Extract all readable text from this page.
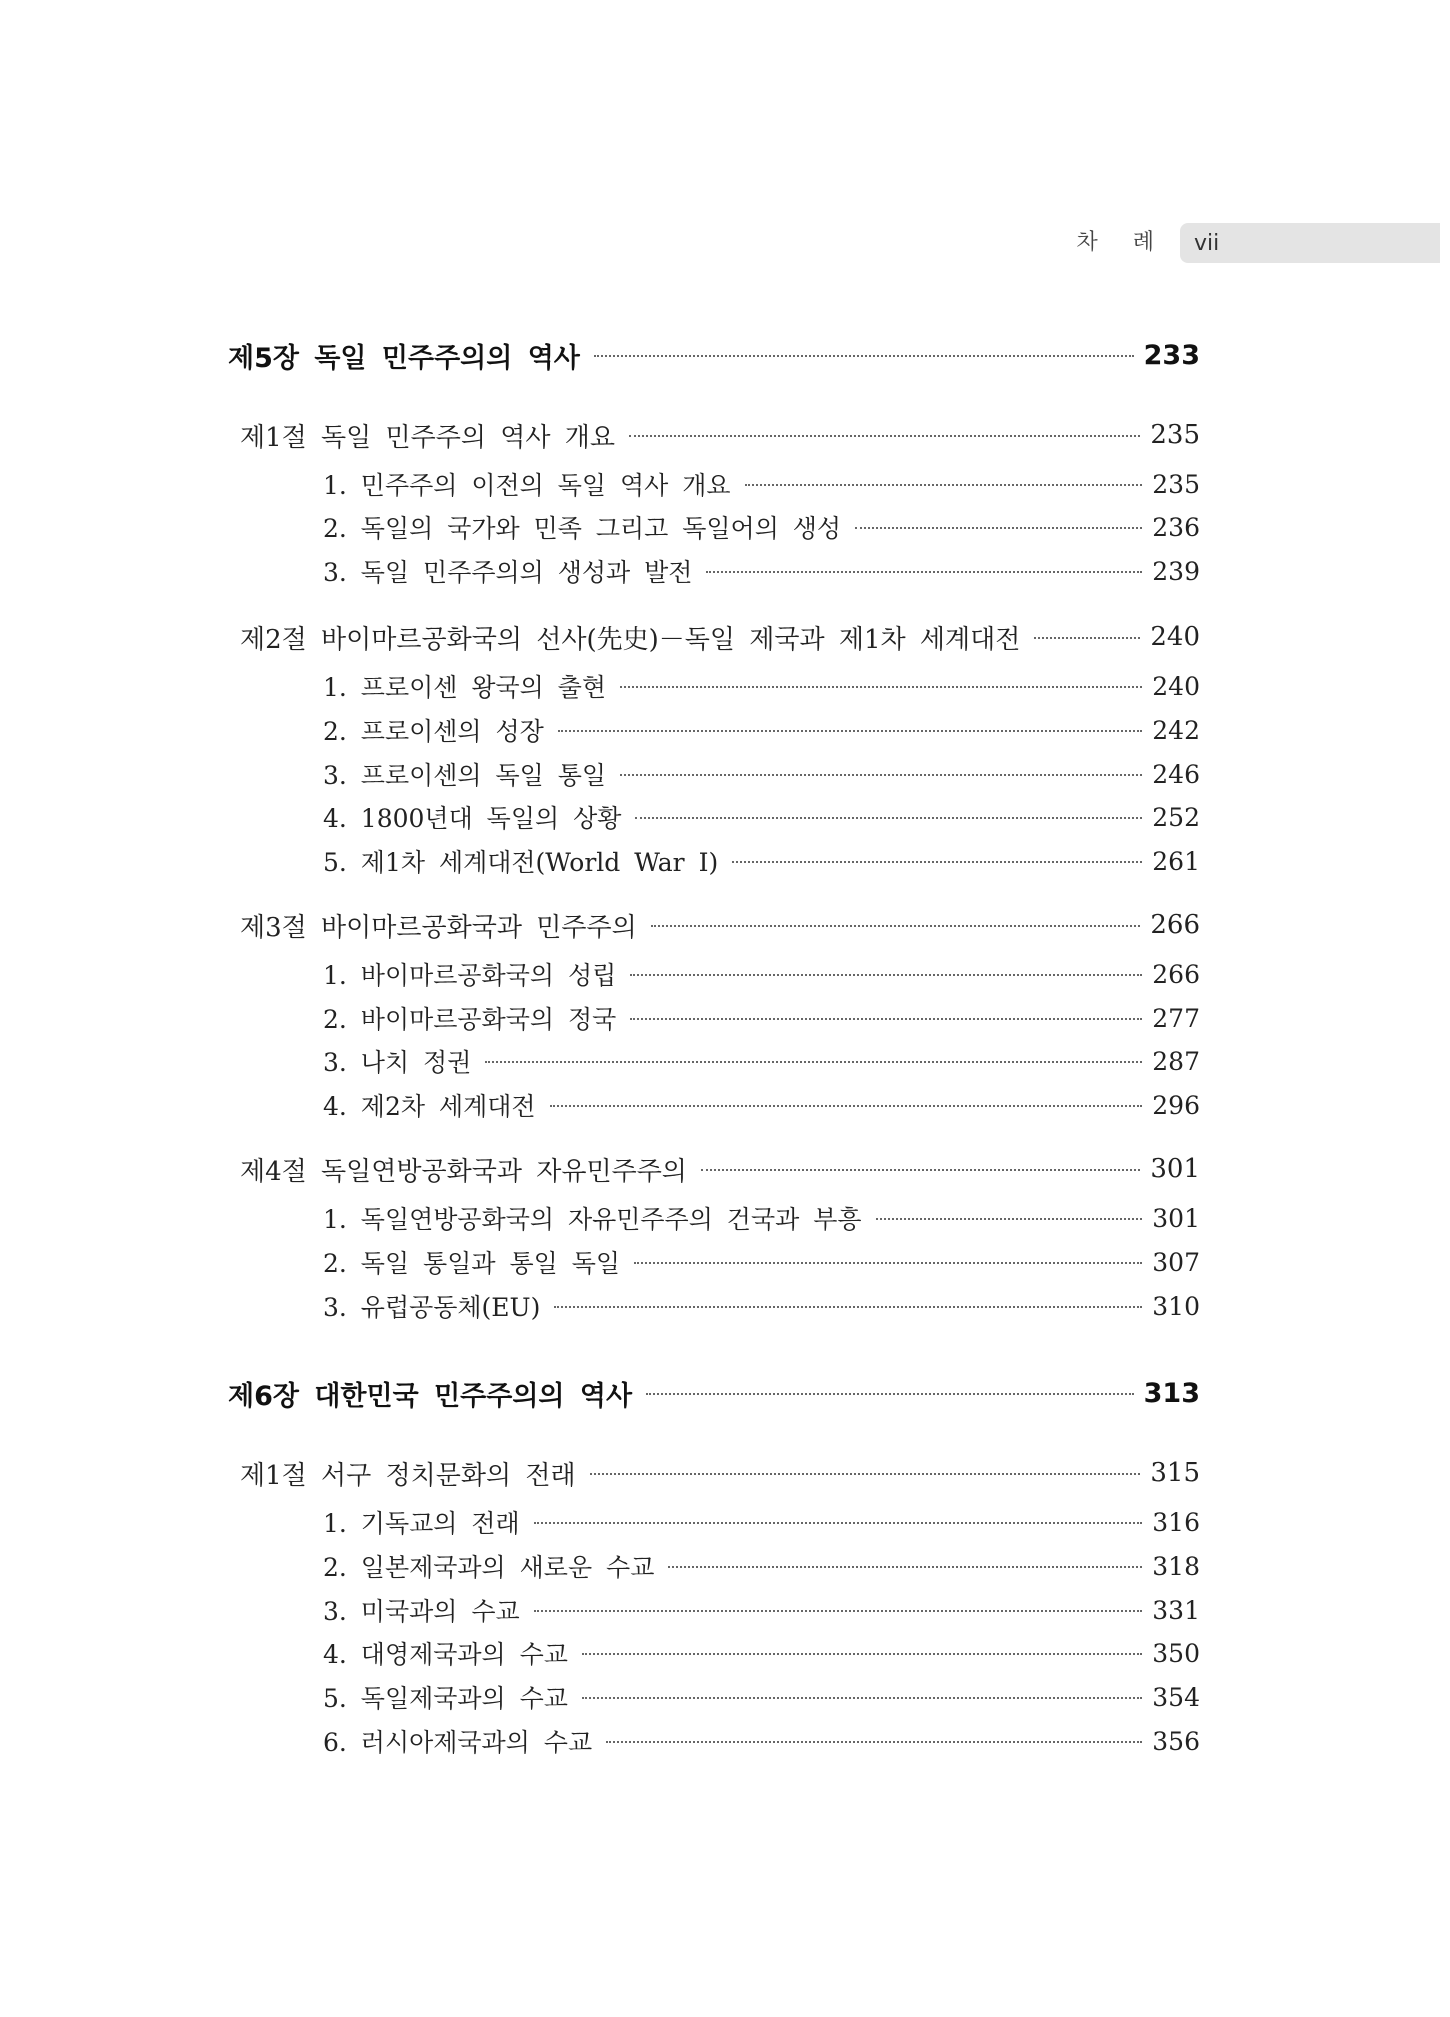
차 례 vii
제5장 독일 민주주의의 역사	233
제1절 독일 민주주의 역사 개요	235
1. 민주주의 이전의 독일 역사 개요	235
2. 독일의 국가와 민족 그리고 독일어의 생성	236
3. 독일 민주주의의 생성과 발전	239
제2절 바이마르공화국의 선사(先史)－독일 제국과 제1차 세계대전	240
1. 프로이센 왕국의 출현	240
2. 프로이센의 성장	242
3. 프로이센의 독일 통일	246
4. 1800년대 독일의 상황	252
5. 제1차 세계대전(World War I)	261
제3절 바이마르공화국과 민주주의	266
1. 바이마르공화국의 성립	266
2. 바이마르공화국의 정국	277
3. 나치 정권	287
4. 제2차 세계대전	296
제4절 독일연방공화국과 자유민주주의	301
1. 독일연방공화국의 자유민주주의 건국과 부흥	301
2. 독일 통일과 통일 독일	307
3. 유럽공동체(EU)	310
제6장 대한민국 민주주의의 역사	313
제1절 서구 정치문화의 전래	315
1. 기독교의 전래	316
2. 일본제국과의 새로운 수교	318
3. 미국과의 수교	331
4. 대영제국과의 수교	350
5. 독일제국과의 수교	354
6. 러시아제국과의 수교	356
